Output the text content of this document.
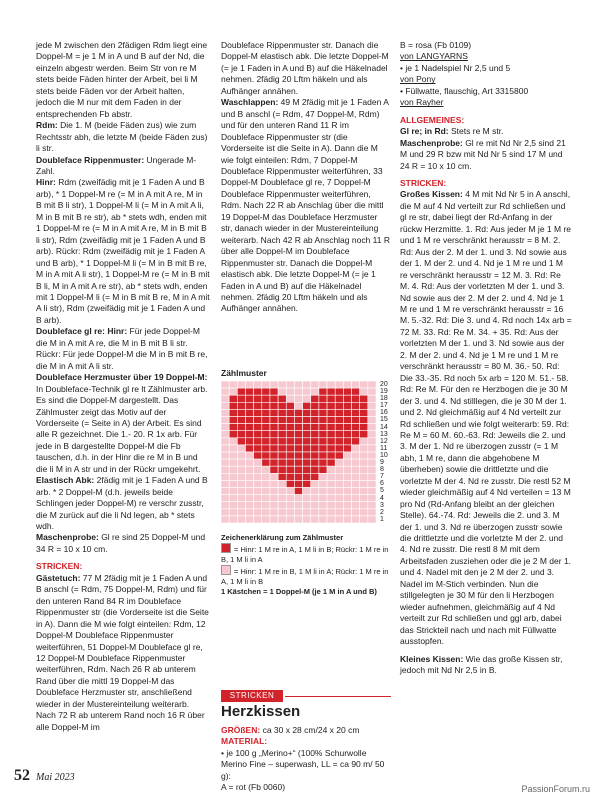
jede M zwischen den 2fädigen Rdm liegt eine Doppel-M = je 1 M in A und B auf der Nd, die einzeln abgestr werden. Beim Str von re M stets beide Fäden hinter der Arbeit, bei li M stets beide Fäden vor der Arbeit halten, jedoch die M nur mit dem Faden in der entsprechenden Fb abstr.

Rdm: Die 1. M (beide Fäden zus) wie zum Rechtsstr abh, die letzte M (beide Fäden zus) li str.

Doubleface Rippenmuster: Ungerade M-Zahl.

Hinr: Rdm (zweifädig mit je 1 Faden A und B arb), * 1 Doppel-M re (= M in A mit A re, M in B mit B li str), 1 Doppel-M li (= M in A mit A li, M in B mit B re str), ab * stets wdh, enden mit 1 Doppel-M re (= M in A mit A re, M in B mit B li str), Rdm (zweifädig mit je 1 Faden A und B arb). Rückr: Rdm (zweifädig mit je 1 Faden A und B arb), * 1 Doppel-M li (= M in B mit B re, M in A mit A li str), 1 Doppel-M re (= M in B mit B li, M in A mit A re str), ab * stets wdh, enden mit 1 Doppel-M li (= M in B mit B re, M in A mit A li str), Rdm (zweifädig mit je 1 Faden A und B arb).

Doubleface gl re: Hinr: Für jede Doppel-M die M in A mit A re, die M in B mit B li str. Rückr: Für jede Doppel-M die M in B mit B re, die M in A mit A li str.

Doubleface Herzmuster über 19 Doppel-M: In Doubleface-Technik gl re lt Zählmuster arb. Es sind die Doppel-M dargestellt. Das Zählmuster zeigt das Motiv auf der Vorderseite (= Seite in A) der Arbeit. Es sind alle R gezeichnet. Die 1.- 20. R 1x arb. Für jede in B dargestellte Doppel-M die Fb tauschen, d.h. in der Hinr die re M in B und die li M in A str und in der Rückr umgekehrt.

Elastisch Abk: 2fädig mit je 1 Faden A und B arb. * 2 Doppel-M (d.h. jeweils beide Schlingen jeder Doppel-M) re verschr zusstr, die M zurück auf die li Nd legen, ab * stets wdh.

Maschenprobe: Gl re sind 25 Doppel-M und 34 R = 10 x 10 cm.

STRICKEN:

Gästetuch: 77 M 2fädig mit je 1 Faden A und B anschl (= Rdm, 75 Doppel-M, Rdm) und für den unteren Rand 84 R im Doubleface Rippenmuster str (die Vorderseite ist die Seite in A). Dann die M wie folgt einteilen: Rdm, 12 Doppel-M Doubleface Rippenmuster weiterführen, 51 Doppel-M Doubleface gl re, 12 Doppel-M Doubleface Rippenmuster weiterführen, Rdm. Nach 26 R ab unterem Rand über die mittl 19 Doppel-M das Doubleface Herzmuster str, anschließend wieder in der Mustereinteilung weiterarb. Nach 72 R ab unterem Rand noch 16 R über alle Doppel-M im

Doubleface Rippenmuster str. Danach die Doppel-M elastisch abk. Die letzte Doppel-M (= je 1 Faden in A und B) auf die Häkelnadel nehmen. 2fädig 20 Lftm häkeln und als Aufhänger annähen.

Waschlappen: 49 M 2fädig mit je 1 Faden A und B anschl (= Rdm, 47 Doppel-M, Rdm) und für den unteren Rand 11 R im Doubleface Rippenmuster str (die Vorderseite ist die Seite in A). Dann die M wie folgt einteilen: Rdm, 7 Doppel-M Doubleface Rippenmuster weiterführen, 33 Doppel-M Doubleface gl re, 7 Doppel-M Doubleface Rippenmuster weiterführen, Rdm. Nach 22 R ab Anschlag über die mittl 19 Doppel-M das Doubleface Herzmuster str, danach wieder in der Mustereinteilung weiterarb. Nach 42 R ab Anschlag noch 11 R über alle Doppel-M im Doubleface Rippenmuster str. Danach die Doppel-M elastisch abk. Die letzte Doppel-M (= je 1 Faden in A und B) auf die Häkelnadel nehmen. 2fädig 20 Lftm häkeln und als Aufhänger annähen.

Zählmuster
20
19
18
17
16
15
14
13
12
11
10
9
8
7
6
5
4
3
2
1

Zeichenerklärung zum Zählmuster

= Hinr: 1 M re in A, 1 M li in B; Rückr: 1 M re in B, 1 M li in A

= Hinr: 1 M re in B, 1 M li in A; Rückr: 1 M re in A, 1 M li in B

1 Kästchen = 1 Doppel-M (je 1 M in A und B)

STRICKEN
Herzkissen

GRÖßEN: ca 30 x 28 cm/24 x 20 cm

MATERIAL:

• je 100 g „Merino+“ (100% Schurwolle Merino Fine – superwash, LL = ca 90 m/ 50 g):

A = rot (Fb 0060)

B = rosa (Fb 0109)

von LANGYARNS

• je 1 Nadelspiel Nr 2,5 und 5

von Pony

• Füllwatte, flauschig, Art 3315800

von Rayher

ALLGEMEINES:

Gl re; in Rd: Stets re M str.

Maschenprobe: Gl re mit Nd Nr 2,5 sind 21 M und 29 R bzw mit Nd Nr 5 sind 17 M und 24 R = 10 x 10 cm.

STRICKEN:

Großes Kissen: 4 M mit Nd Nr 5 in A anschl, die M auf 4 Nd verteilt zur Rd schließen und gl re str, dabei liegt der Rd-Anfang in der rückw Herzmitte. 1. Rd: Aus jeder M je 1 M re und 1 M re verschränkt herausstr = 8 M. 2. Rd: Aus der 2. M der 1. und 3. Nd sowie aus der 1. M der 2. und 4. Nd je 1 M re und 1 M re verschränkt herausstr = 12 M. 3. Rd: Re M. 4. Rd: Aus der vorletzten M der 1. und 3. Nd sowie aus der 2. M der 2. und 4. Nd je 1 M re und 1 M re verschränkt herausstr = 16 M. 5.-32. Rd: Die 3. und 4. Rd noch 14x arb = 72 M. 33. Rd: Re M. 34. + 35. Rd: Aus der vorletzten M der 1. und 3. Nd sowie aus der 2. M der 2. und 4. Nd je 1 M re und 1 M re verschränkt herausstr = 80 M. 36.- 50. Rd: Die 33.-35. Rd noch 5x arb = 120 M. 51.- 58. Rd: Re M. Für den re Herzbogen die je 30 M der 3. und 4. Nd stilllegen, die je 30 M der 1. und 2. Nd gleichmäßig auf 4 Nd verteilt zur Rd schließen und wie folgt weiterarb: 59. Rd: Re M = 60 M. 60.-63. Rd: Jeweils die 2. und 3. M der 1. Nd re überzogen zusstr (= 1 M abh, 1 M re, dann die abgehobene M überheben) sowie die drittletzte und die vorletzte M der 4. Nd re zusstr. Die restl 52 M wieder gleichmäßig auf 4 Nd verteilen = 13 M pro Nd (Rd-Anfang bleibt an der gleichen Stelle). 64.-74. Rd: Jeweils die 2. und 3. M der 1. und 3. Nd re überzogen zusstr sowie die drittletzte und die vorletzte M der 2. und 4. Nd re zusstr. Die restl 8 M mit dem Arbeitsfaden zusziehen oder die je 2 M der 1. und 4. Nadel mit den je 2 M der 2. und 3. Nadel im M-Stich verbinden. Nun die stillgelegten je 30 M für den li Herzbogen wieder aufnehmen, gleichmäßig auf 4 Nd verteilt zur Rd schließen und ggl arb, dabei das Strickteil nach und nach mit Füllwatte ausstopfen.

Kleines Kissen: Wie das große Kissen str, jedoch mit Nd Nr 2,5 in B.

52 Mai 2023
PassionForum.ru
